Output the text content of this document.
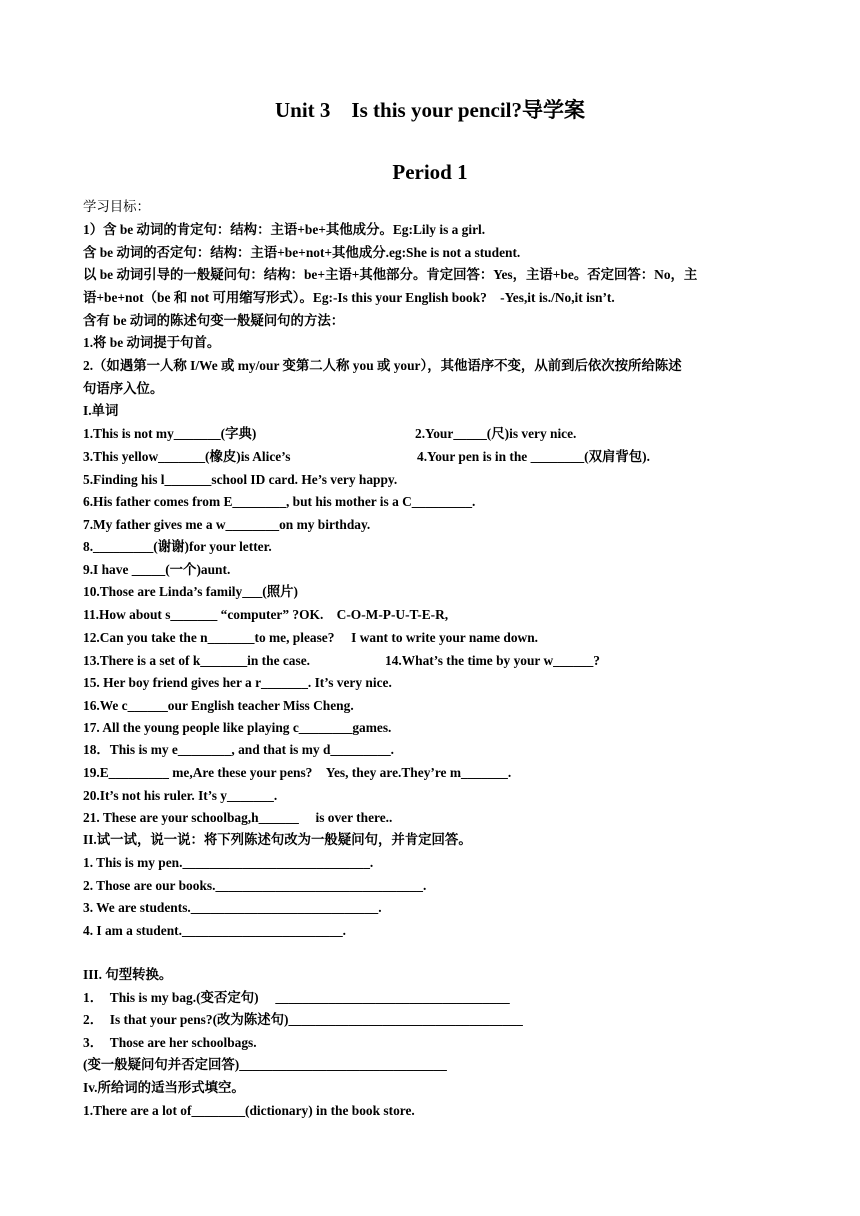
Unit 3　Is this your pencil?导学案
Period 1
学习目标：
1）含 be 动词的肯定句：结构：主语+be+其他成分。Eg:Lily is a girl.
含 be 动词的否定句：结构：主语+be+not+其他成分.eg:She is not a student.
以 be 动词引导的一般疑问句：结构：be+主语+其他部分。肯定回答：Yes，主语+be。否定回答：No，主
语+be+not（be 和 not 可用缩写形式）。Eg:-Is this your English book?　-Yes,it is./No,it isn’t.
含有 be 动词的陈述句变一般疑问句的方法：
1.将 be 动词提于句首。
2.（如遇第一人称 I/We 或 my/our 变第二人称 you 或 your），其他语序不变，从前到后依次按所给陈述
句语序入位。
I.单词
1.This is not my_______(字典)	2.Your_____(尺)is very nice.
3.This yellow_______(橡皮)is Alice’s	4.Your pen is in the ________(双肩背包).
5.Finding his l_______school ID card. He’s very happy.
6.His father comes from E________, but his mother is a C_________.
7.My father gives me a w________on my birthday.
8._________(谢谢)for your letter.
9.I have _____(一个)aunt.
10.Those are Linda’s family___(照片)
11.How about s_______ “computer” ?OK.　C-O-M-P-U-T-E-R,
12.Can you take the n_______to me, please?　 I want to write your name down.
13.There is a set of k_______in the case.	14.What’s the time by your w______?
15. Her boy friend gives her a r_______. It’s very nice.
16.We c______our English teacher Miss Cheng.
17. All the young people like playing c________games.
18．This is my e________, and that is my d_________.
19.E_________ me,Are these your pens?　Yes, they are.They’re m_______.
20.It’s not his ruler. It’s y_______.
21. These are your schoolbag,h______　 is over there..
II.试一试，说一说：将下列陈述句改为一般疑问句，并肯定回答。
1. This is my pen.____________________________.
2. Those are our books._______________________________.
3. We are students.____________________________.
4. I am a student.________________________.
III. 句型转换。
1．　This is my bag.(变否定句)　 ___________________________________
2．　Is that your pens?(改为陈述句)___________________________________
3．　Those are her schoolbags.
(变一般疑问句并否定回答)_______________________________
Iv.所给词的适当形式填空。
1.There are a lot of________(dictionary) in the book store.
